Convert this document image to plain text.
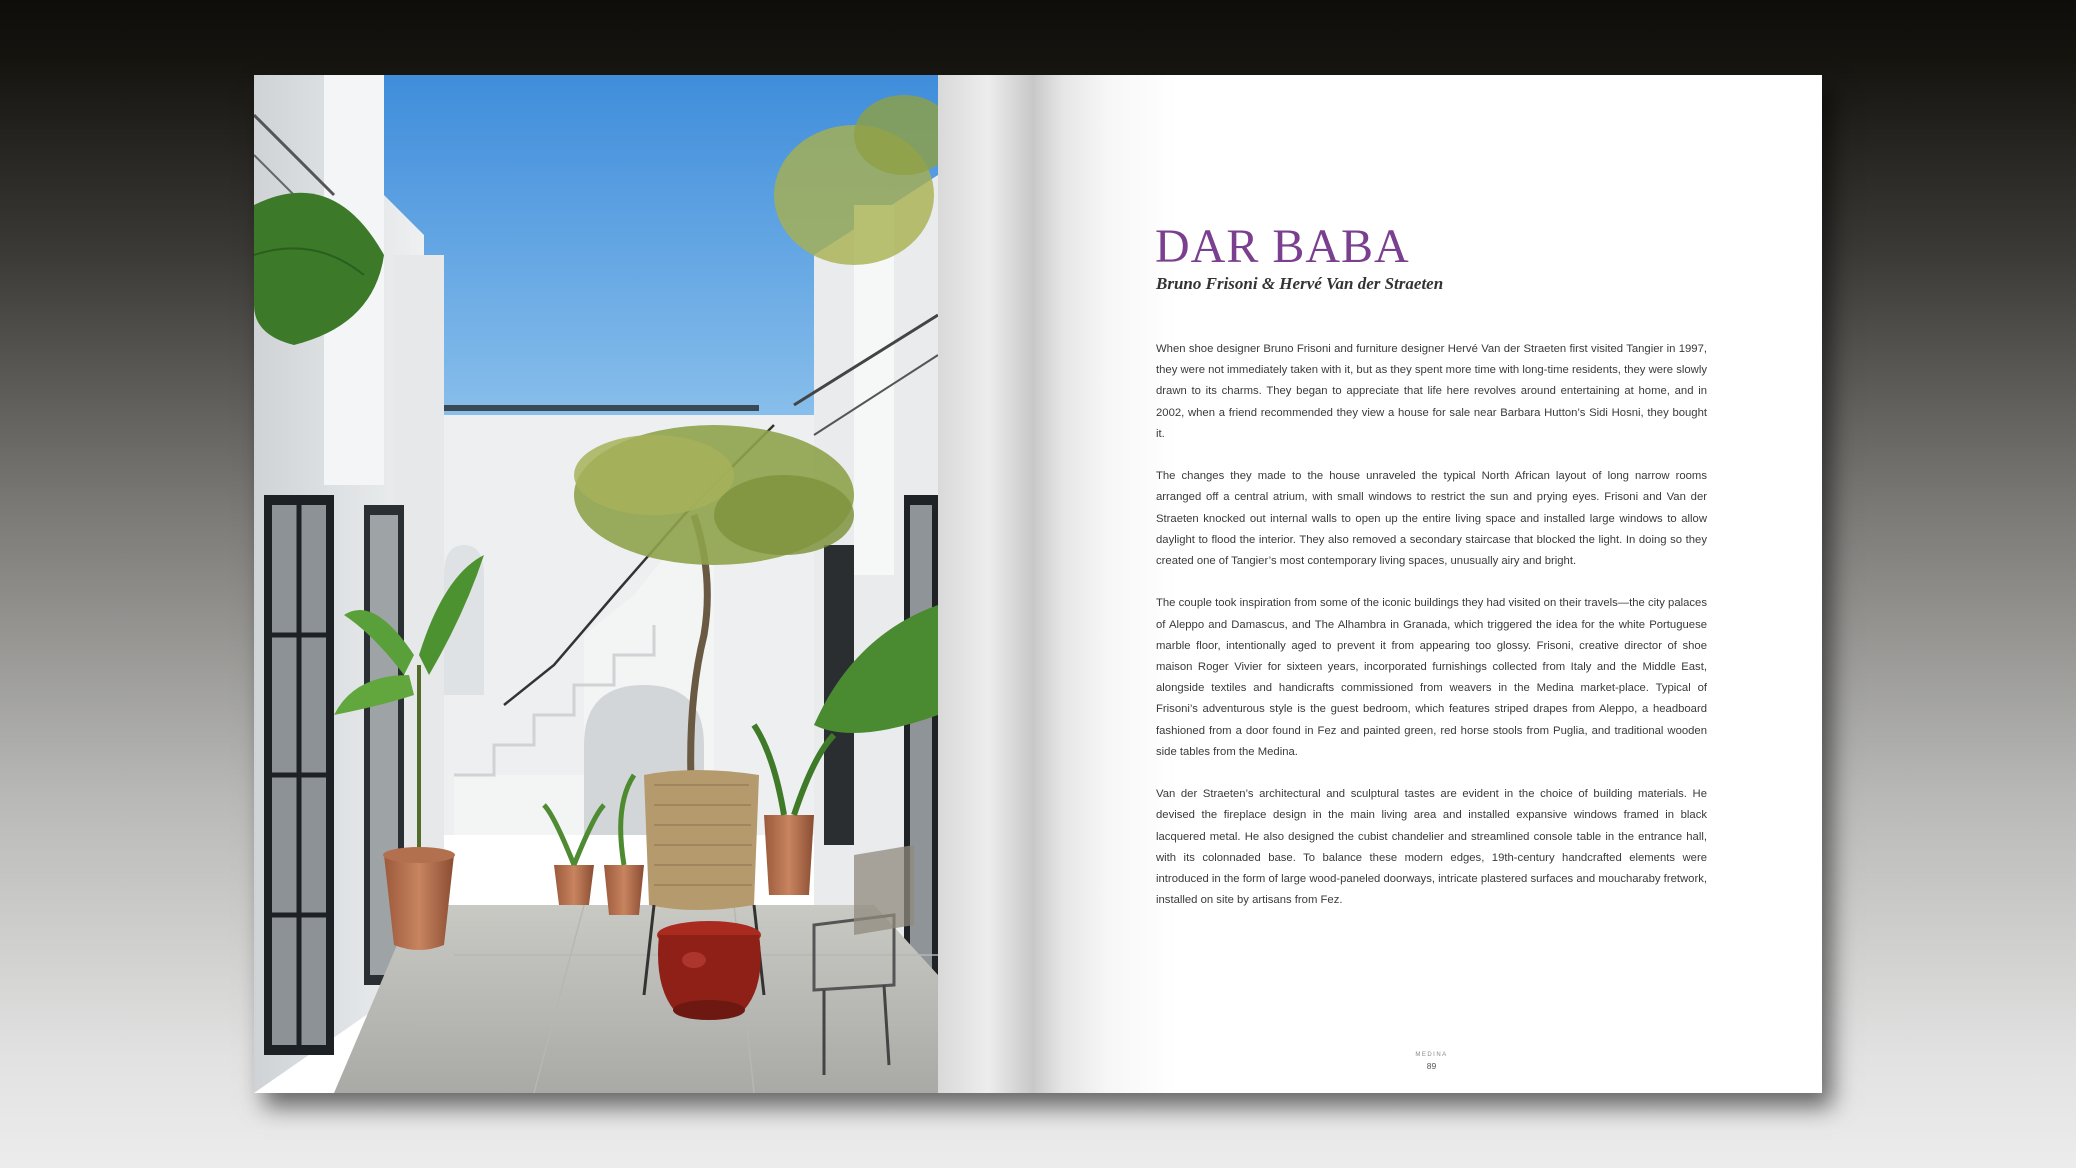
DAR BABA
Bruno Frisoni & Hervé Van der Straeten

When shoe designer Bruno Frisoni and furniture designer Hervé Van der Straeten first visited Tangier in 1997, they were not immediately taken with it, but as they spent more time with long-time residents, they were slowly drawn to its charms. They began to appreciate that life here revolves around entertaining at home, and in 2002, when a friend recommended they view a house for sale near Barbara Hutton’s Sidi Hosni, they bought it.

The changes they made to the house unraveled the typical North African layout of long narrow rooms arranged off a central atrium, with small windows to restrict the sun and prying eyes. Frisoni and Van der Straeten knocked out internal walls to open up the entire living space and installed large windows to allow daylight to flood the interior. They also removed a secondary staircase that blocked the light. In doing so they created one of Tangier’s most contemporary living spaces, unusually airy and bright.

The couple took inspiration from some of the iconic buildings they had visited on their travels—the city palaces of Aleppo and Damascus, and The Alhambra in Granada, which triggered the idea for the white Portuguese marble floor, intentionally aged to prevent it from appearing too glossy. Frisoni, creative director of shoe maison Roger Vivier for sixteen years, incorporated furnishings collected from Italy and the Middle East, alongside textiles and handicrafts commissioned from weavers in the Medina market-place. Typical of Frisoni’s adventurous style is the guest bedroom, which features striped drapes from Aleppo, a headboard fashioned from a door found in Fez and painted green, red horse stools from Puglia, and traditional wooden side tables from the Medina.

Van der Straeten’s architectural and sculptural tastes are evident in the choice of building materials. He devised the fireplace design in the main living area and installed expansive windows framed in black lacquered metal. He also designed the cubist chandelier and streamlined console table in the entrance hall, with its colonnaded base. To balance these modern edges, 19th-century handcrafted elements were introduced in the form of large wood-paneled doorways, intricate plastered surfaces and moucharaby fretwork, installed on site by artisans from Fez.

MEDINA
89
